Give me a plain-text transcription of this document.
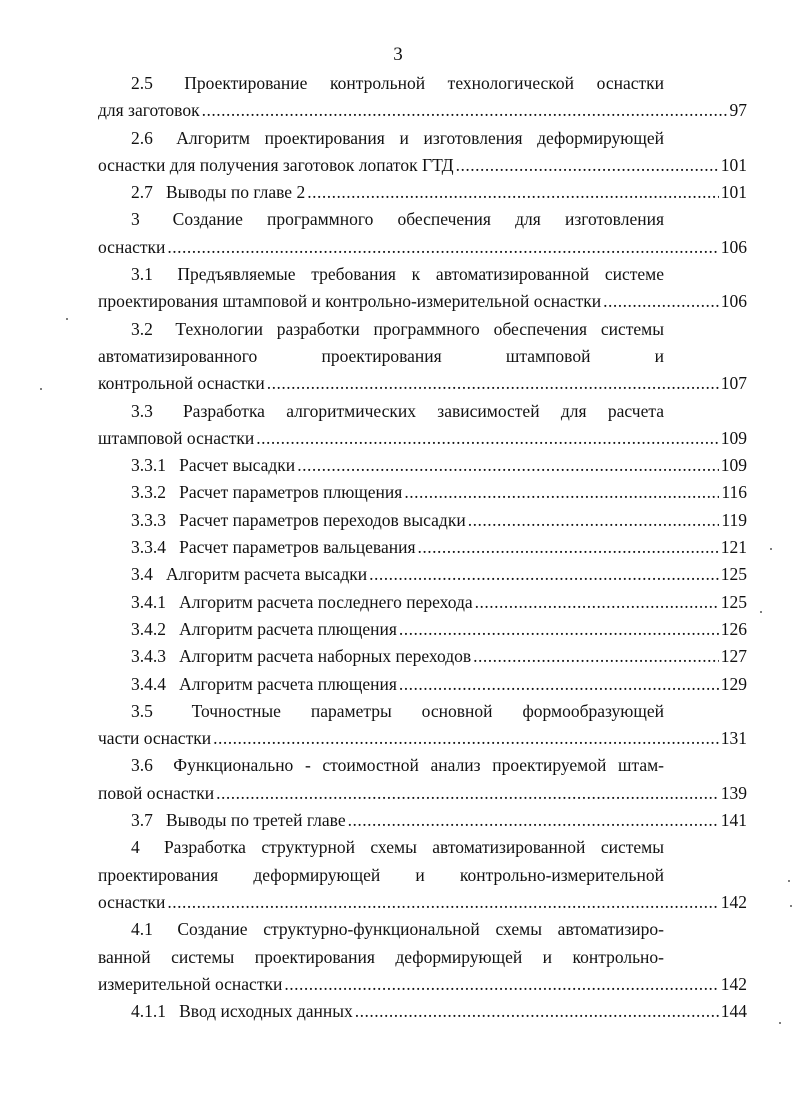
3
2.5  Проектирование контрольной технологической оснастки
для заготовок .....	97
2.6  Алгоритм проектирования и изготовления деформирующей
оснастки для получения заготовок лопаток ГТД .....	101
2.7  Выводы по главе 2 .....	101
3  Создание программного обеспечения для изготовления
оснастки .....	106
3.1  Предъявляемые требования к автоматизированной системе
проектирования штамповой и контрольно-измерительной оснастки .....	106
3.2  Технологии разработки программного обеспечения системы
автоматизированного проектирования штамповой и
контрольной оснастки .....	107
3.3  Разработка алгоритмических зависимостей для расчета
штамповой оснастки .....	109
3.3.1  Расчет высадки .....	109
3.3.2  Расчет параметров плющения .....	116
3.3.3  Расчет параметров переходов высадки .....	119
3.3.4  Расчет параметров вальцевания .....	121
3.4  Алгоритм расчета высадки .....	125
3.4.1  Алгоритм расчета последнего перехода .....	125
3.4.2  Алгоритм расчета плющения .....	126
3.4.3  Алгоритм расчета наборных переходов .....	127
3.4.4  Алгоритм расчета плющения .....	129
3.5  Точностные параметры основной формообразующей
части оснастки .....	131
3.6  Функционально - стоимостной анализ проектируемой штам-
повой оснастки .....	139
3.7  Выводы по третей главе .....	141
4  Разработка структурной схемы автоматизированной системы
проектирования деформирующей и контрольно-измерительной
оснастки .....	142
4.1  Создание структурно-функциональной схемы автоматизиро-
ванной системы проектирования деформирующей и контрольно-
измерительной оснастки .....	142
4.1.1  Ввод исходных данных .....	144
